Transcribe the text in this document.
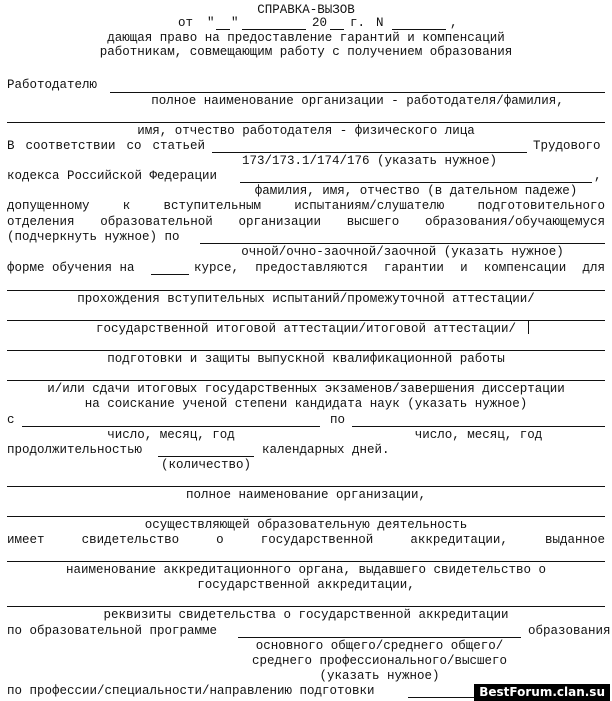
СПРАВКА-ВЫЗОВ
от " "	20 г. N	,
дающая право на предоставление гарантий и компенсаций
работникам, совмещающим работу с получением образования
Работодателю
полное наименование организации - работодателя/фамилия,
имя, отчество работодателя - физического лица
В соответствии со статьей	Трудового
173/173.1/174/176 (указать нужное)
кодекса Российской Федерации	,
фамилия, имя, отчество (в дательном падеже)
допущенному	к	вступительным	испытаниям/слушателю	подготовительного
отделения образовательной организации высшего образования/обучающемуся
(подчеркнуть нужное) по
очной/очно-заочной/заочной (указать нужное)
форме обучения на	курсе, предоставляются гарантии и компенсации для
прохождения вступительных испытаний/промежуточной аттестации/
государственной итоговой аттестации/итоговой аттестации/
подготовки и защиты выпускной квалификационной работы
и/или сдачи итоговых государственных экзаменов/завершения диссертации
на соискание ученой степени кандидата наук (указать нужное)
с	по
число, месяц, год	число, месяц, год
продолжительностью	календарных дней.
(количество)
полное наименование организации,
осуществляющей образовательную деятельность
имеет	свидетельство	о	государственной	аккредитации,	выданное
наименование аккредитационного органа, выдавшего свидетельство о
государственной аккредитации,
реквизиты свидетельства о государственной аккредитации
по образовательной программе	образования
основного общего/среднего общего/
среднего профессионального/высшего
(указать нужное)
по профессии/специальности/направлению подготовки	BestForum.clan.su
